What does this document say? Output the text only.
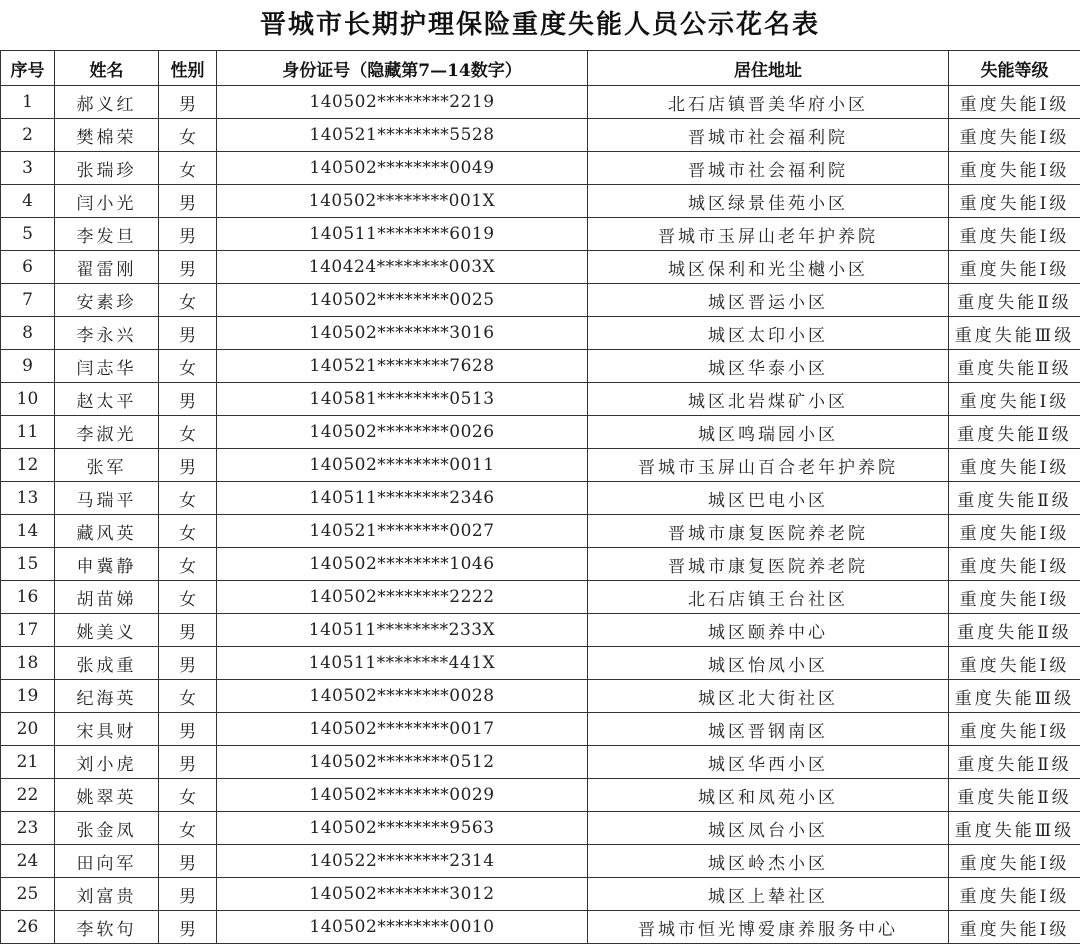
晋城市长期护理保险重度失能人员公示花名表
序号	姓名	性别	身份证号（隐藏第7—14数字）	居住地址	失能等级
1	郝义红	男	140502********2219	北石店镇晋美华府小区	重度失能Ⅰ级
2	樊棉荣	女	140521********5528	晋城市社会福利院	重度失能Ⅰ级
3	张瑞珍	女	140502********0049	晋城市社会福利院	重度失能Ⅰ级
4	闫小光	男	140502********001X	城区绿景佳苑小区	重度失能Ⅰ级
5	李发旦	男	140511********6019	晋城市玉屏山老年护养院	重度失能Ⅰ级
6	翟雷刚	男	140424********003X	城区保利和光尘樾小区	重度失能Ⅰ级
7	安素珍	女	140502********0025	城区晋运小区	重度失能Ⅱ级
8	李永兴	男	140502********3016	城区太印小区	重度失能Ⅲ级
9	闫志华	女	140521********7628	城区华泰小区	重度失能Ⅱ级
10	赵太平	男	140581********0513	城区北岩煤矿小区	重度失能Ⅰ级
11	李淑光	女	140502********0026	城区鸣瑞园小区	重度失能Ⅱ级
12	张军	男	140502********0011	晋城市玉屏山百合老年护养院	重度失能Ⅰ级
13	马瑞平	女	140511********2346	城区巴电小区	重度失能Ⅱ级
14	藏风英	女	140521********0027	晋城市康复医院养老院	重度失能Ⅰ级
15	申冀静	女	140502********1046	晋城市康复医院养老院	重度失能Ⅰ级
16	胡苗娣	女	140502********2222	北石店镇王台社区	重度失能Ⅰ级
17	姚美义	男	140511********233X	城区颐养中心	重度失能Ⅱ级
18	张成重	男	140511********441X	城区怡凤小区	重度失能Ⅰ级
19	纪海英	女	140502********0028	城区北大街社区	重度失能Ⅲ级
20	宋具财	男	140502********0017	城区晋钢南区	重度失能Ⅰ级
21	刘小虎	男	140502********0512	城区华西小区	重度失能Ⅱ级
22	姚翠英	女	140502********0029	城区和凤苑小区	重度失能Ⅱ级
23	张金凤	女	140502********9563	城区凤台小区	重度失能Ⅲ级
24	田向军	男	140522********2314	城区岭杰小区	重度失能Ⅰ级
25	刘富贵	男	140502********3012	城区上辇社区	重度失能Ⅰ级
26	李软句	男	140502********0010	晋城市恒光博爱康养服务中心	重度失能Ⅰ级
